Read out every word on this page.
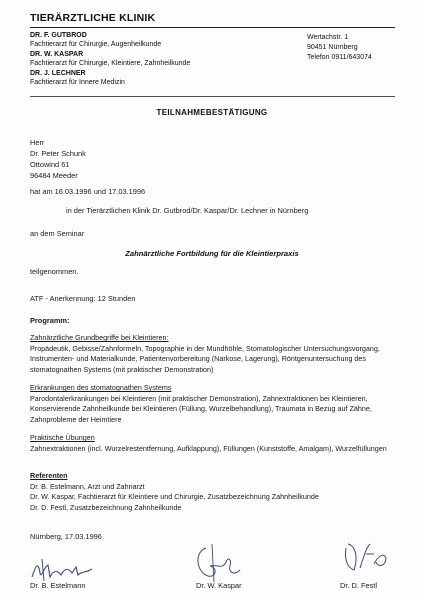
TIERÄRZTLICHE KLINIK
DR. F. GUTBROD
Fachtierarzt für Chirurgie, Augenheilkunde
DR. W. KASPAR
Fachtierarzt für Chirurgie, Kleintiere, Zahnheilkunde
DR. J. LECHNER
Fachtierarzt für Innere Medizin
Wertachstr. 1
90451 Nürnberg
Telefon 0911/643074
TEILNAHMEBESTÄTIGUNG
Herr
Dr. Peter Schunk
Ottowind 61
96484 Meeder
hat am 16.03.1996 und 17.03.1996
in der Tierärztlichen Klinik Dr. Gutbrod/Dr. Kaspar/Dr. Lechner in Nürnberg
an dem Seminar
Zahnärztliche Fortbildung für die Kleintierpraxis
teilgenommen.
ATF - Anerkennung: 12 Stunden
Programm:
Zahnärztliche Grundbegriffe bei Kleintieren:
Propädeutik, Gebisse/Zahnformeln, Topographie in der Mundhöhle, Stomatologischer Untersuchungsvorgang, Instrumenten- und Materialkunde, Patientenvorbereitung (Narkose, Lagerung), Röntgenuntersuchung des stomatognathen Systems (mit praktischer Demonstration)
Erkrankungen des stomatognathen Systems
Parodontalerkrankungen bei Kleintieren (mit praktischer Demonstration), Zahnextraktionen bei Kleintieren, Konservierende Zahnheilkunde bei Kleintieren (Füllung, Wurzelbehandlung), Traumata in Bezug auf Zähne, Zahnprobleme der Heimtiere
Praktische Übungen
Zahnextraktionen (incl. Wurzelrestentfernung, Aufklappung), Füllungen (Kunststoffe, Amalgam), Wurzelfüllungen
Referenten
Dr. B. Estelmann, Arzt und Zahnarzt
Dr. W. Kaspar, Fachtierarzt für Kleintiere und Chirurgie, Zusatzbezeichnung Zahnheilkunde
Dr. D. Festl, Zusatzbezeichnung Zahnheilkunde
Nürnberg, 17.03.1996
Dr. B. Estelmann	Dr. W. Kaspar	Dr. D. Festl
